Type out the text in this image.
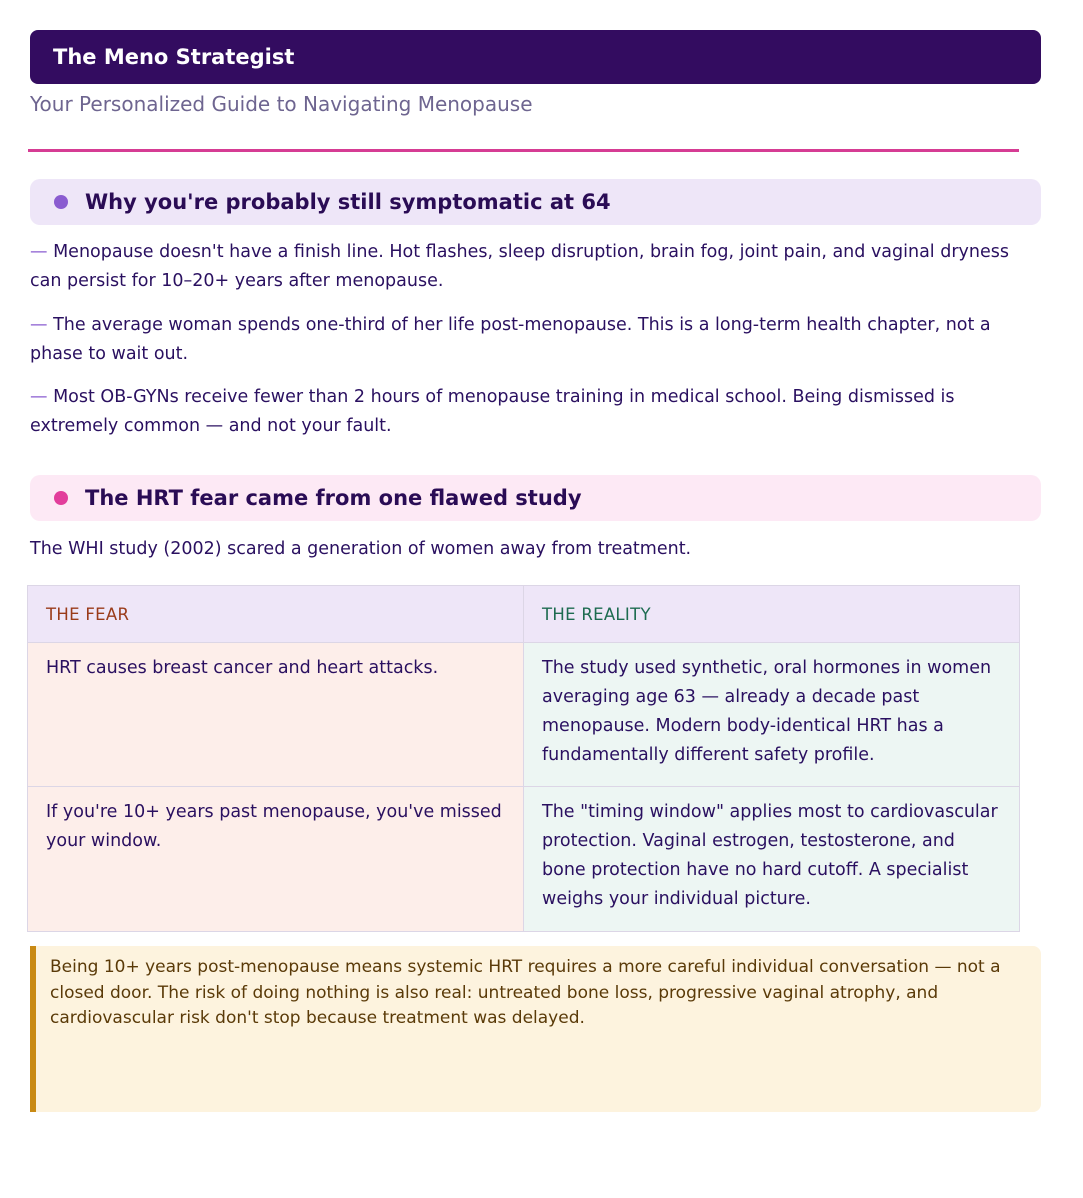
The Meno Strategist
Your Personalized Guide to Navigating Menopause
Why you're probably still symptomatic at 64

— Menopause doesn't have a finish line. Hot flashes, sleep disruption, brain fog, joint pain, and vaginal dryness can persist for 10–20+ years after menopause.

— The average woman spends one-third of her life post-menopause. This is a long-term health chapter, not a phase to wait out.

— Most OB-GYNs receive fewer than 2 hours of menopause training in medical school. Being dismissed is extremely common — and not your fault.

The HRT fear came from one flawed study

The WHI study (2002) scared a generation of women away from treatment.

THE FEAR	THE REALITY
HRT causes breast cancer and heart attacks.	The study used synthetic, oral hormones in women averaging age 63 — already a decade past menopause. Modern body-identical HRT has a fundamentally different safety profile.
If you're 10+ years past menopause, you've missed your window.	The "timing window" applies most to cardiovascular protection. Vaginal estrogen, testosterone, and bone protection have no hard cutoff. A specialist weighs your individual picture.
Being 10+ years post-menopause means systemic HRT requires a more careful individual conversation — not a closed door. The risk of doing nothing is also real: untreated bone loss, progressive vaginal atrophy, and cardiovascular risk don't stop because treatment was delayed.
